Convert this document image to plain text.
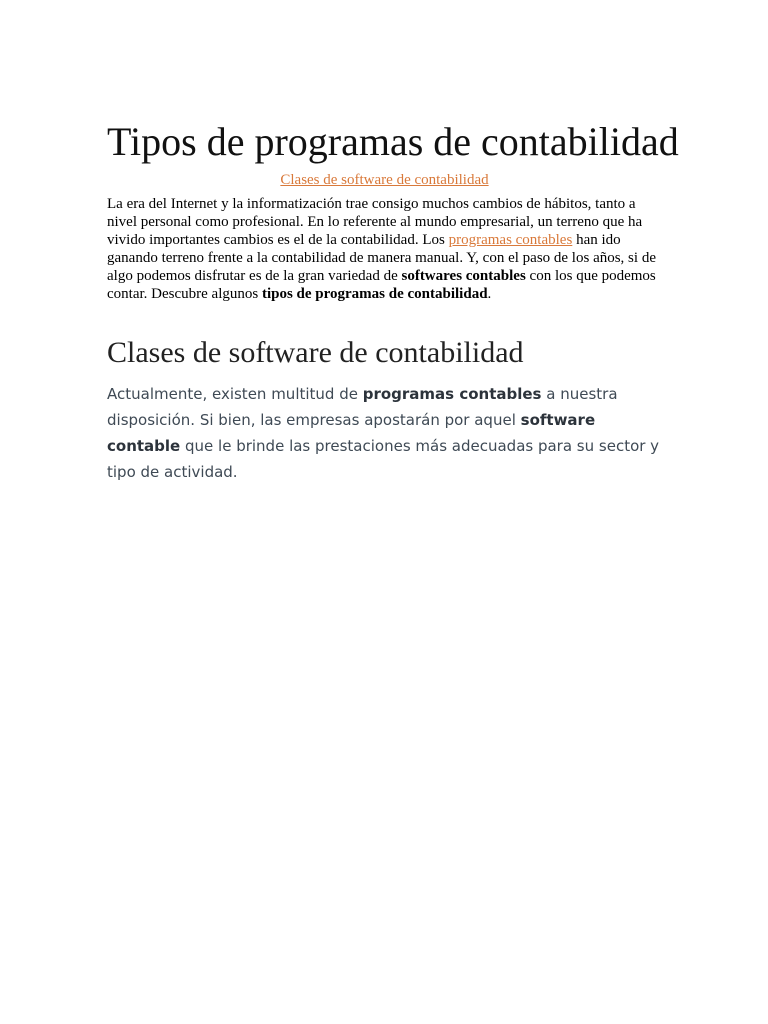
Tipos de programas de contabilidad
Clases de software de contabilidad

La era del Internet y la informatización trae consigo muchos cambios de hábitos, tanto a nivel personal como profesional. En lo referente al mundo empresarial, un terreno que ha vivido importantes cambios es el de la contabilidad. Los programas contables han ido ganando terreno frente a la contabilidad de manera manual. Y, con el paso de los años, si de algo podemos disfrutar es de la gran variedad de softwares contables con los que podemos contar. Descubre algunos tipos de programas de contabilidad.

Clases de software de contabilidad

Actualmente, existen multitud de programas contables a nuestra disposición. Si bien, las empresas apostarán por aquel software contable que le brinde las prestaciones más adecuadas para su sector y tipo de actividad.
